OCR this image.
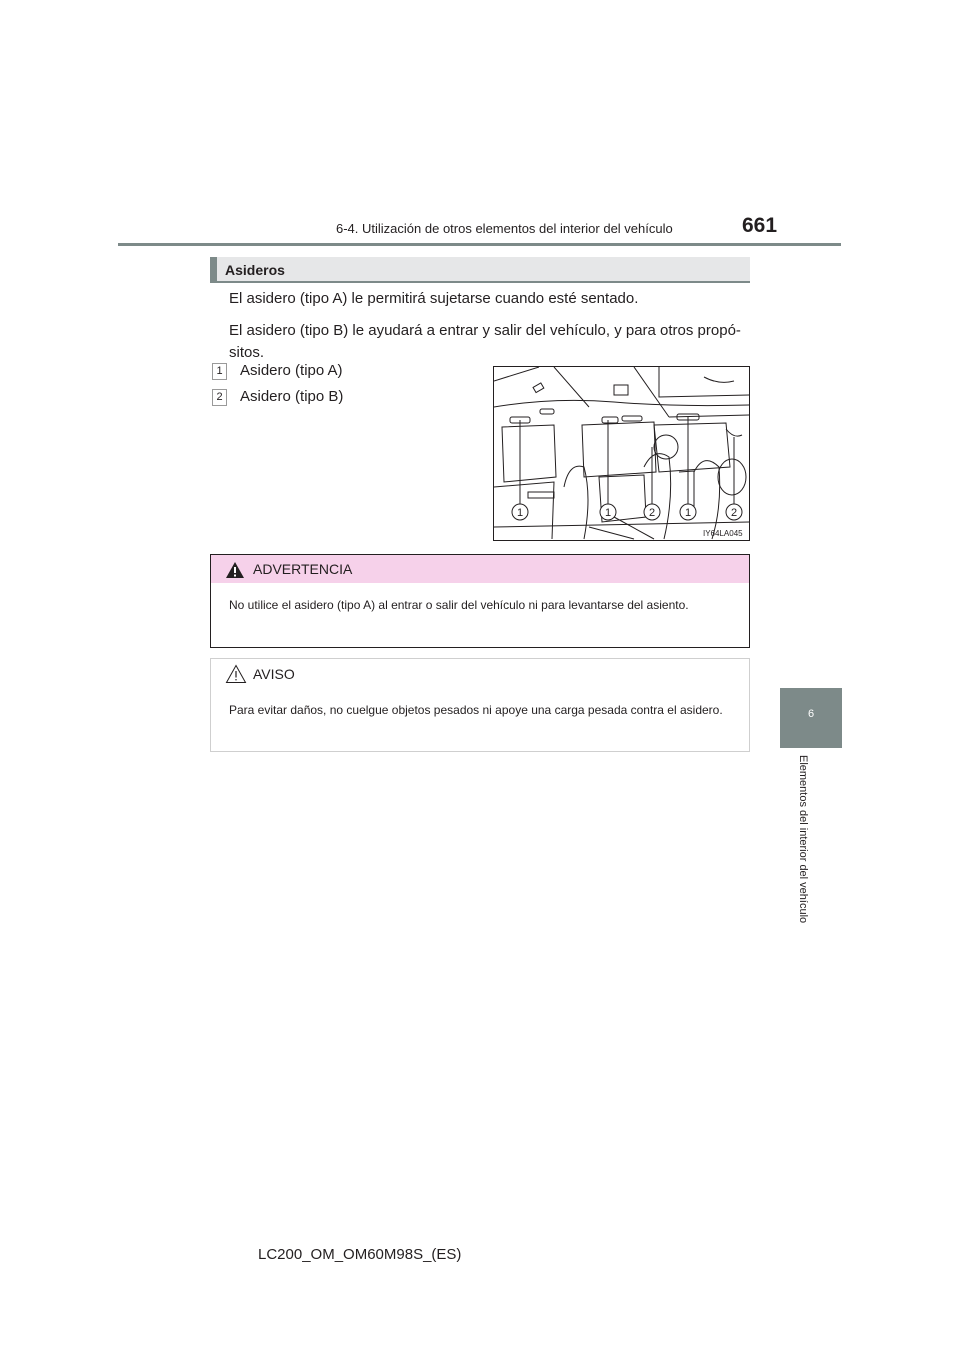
6-4. Utilización de otros elementos del interior del vehículo	661
6
Elementos del interior del vehículo
Asideros
El asidero (tipo A) le permitirá sujetarse cuando esté sentado.
El asidero (tipo B) le ayudará a entrar y salir del vehículo, y para otros propó-sitos.
1 Asidero (tipo A)
2 Asidero (tipo B)
1	1	2	1	2
IY64LA045
ADVERTENCIA
No utilice el asidero (tipo A) al entrar o salir del vehículo ni para levantarse del asiento.
AVISO
Para evitar daños, no cuelgue objetos pesados ni apoye una carga pesada contra el asidero.
LC200_OM_OM60M98S_(ES)
